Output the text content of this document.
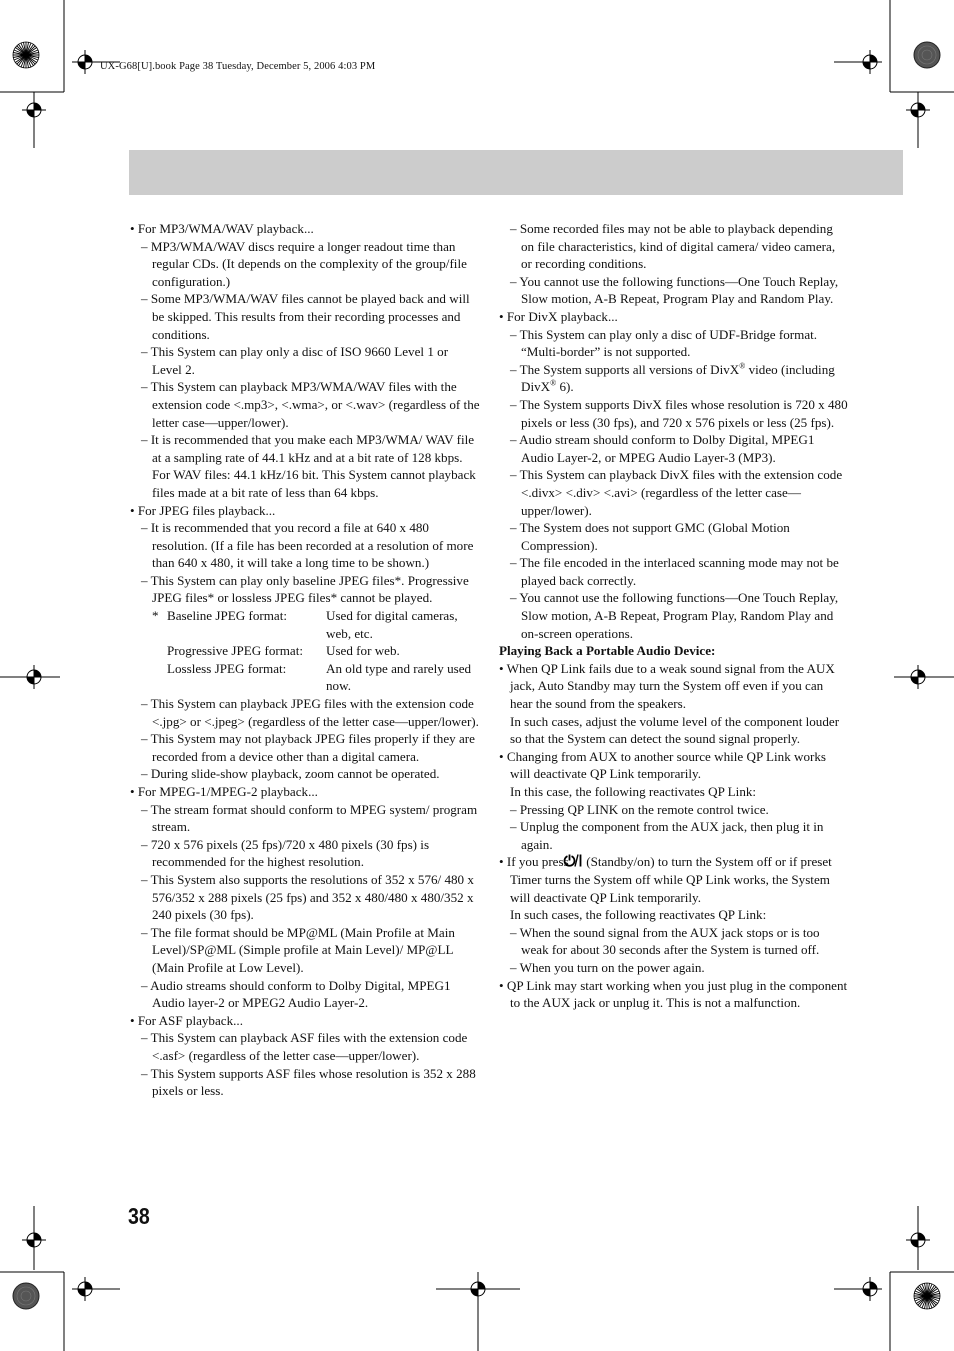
UX-G68[U].book Page 38 Tuesday, December 5, 2006 4:03 PM
• For MP3/WMA/WAV playback...
– MP3/WMA/WAV discs require a longer readout time than regular CDs. (It depends on the complexity of the group/file configuration.)
– Some MP3/WMA/WAV files cannot be played back and will be skipped. This results from their recording processes and conditions.
– This System can play only a disc of ISO 9660 Level 1 or Level 2.
– This System can playback MP3/WMA/WAV files with the extension code <.mp3>, <.wma>, or <.wav> (regardless of the letter case—upper/lower).
– It is recommended that you make each MP3/WMA/ WAV file at a sampling rate of 44.1 kHz and at a bit rate of 128 kbps. For WAV files: 44.1 kHz/16 bit. This System cannot playback files made at a bit rate of less than 64 kbps.
• For JPEG files playback...
– It is recommended that you record a file at 640 x 480 resolution. (If a file has been recorded at a resolution of more than 640 x 480, it will take a long time to be shown.)
– This System can play only baseline JPEG files*. Progressive JPEG files* or lossless JPEG files* cannot be played.
*	Baseline JPEG format:	Used for digital cameras, web, etc.
	Progressive JPEG format:	Used for web.
	Lossless JPEG format:	An old type and rarely used now.
– This System can playback JPEG files with the extension code <.jpg> or <.jpeg> (regardless of the letter case—upper/lower).
– This System may not playback JPEG files properly if they are recorded from a device other than a digital camera.
– During slide-show playback, zoom cannot be operated.
• For MPEG-1/MPEG-2 playback...
– The stream format should conform to MPEG system/ program stream.
– 720 x 576 pixels (25 fps)/720 x 480 pixels (30 fps) is recommended for the highest resolution.
– This System also supports the resolutions of 352 x 576/ 480 x 576/352 x 288 pixels (25 fps) and 352 x 480/480 x 480/352 x 240 pixels (30 fps).
– The file format should be MP@ML (Main Profile at Main Level)/SP@ML (Simple profile at Main Level)/ MP@LL (Main Profile at Low Level).
– Audio streams should conform to Dolby Digital, MPEG1 Audio layer-2 or MPEG2 Audio Layer-2.
• For ASF playback...
– This System can playback ASF files with the extension code <.asf> (regardless of the letter case—upper/lower).
– This System supports ASF files whose resolution is 352 x 288 pixels or less.
– Some recorded files may not be able to playback depending on file characteristics, kind of digital camera/ video camera, or recording conditions.
– You cannot use the following functions—One Touch Replay, Slow motion, A-B Repeat, Program Play and Random Play.
• For DivX playback...
– This System can play only a disc of UDF-Bridge format. “Multi-border” is not supported.
– The System supports all versions of DivX® video (including DivX® 6).
– The System supports DivX files whose resolution is 720 x 480 pixels or less (30 fps), and 720 x 576 pixels or less (25 fps).
– Audio stream should conform to Dolby Digital, MPEG1 Audio Layer-2, or MPEG Audio Layer-3 (MP3).
– This System can playback DivX files with the extension code <.divx> <.div> <.avi> (regardless of the letter case—upper/lower).
– The System does not support GMC (Global Motion Compression).
– The file encoded in the interlaced scanning mode may not be played back correctly.
– You cannot use the following functions—One Touch Replay, Slow motion, A-B Repeat, Program Play, Random Play and on-screen operations.
Playing Back a Portable Audio Device:
• When QP Link fails due to a weak sound signal from the AUX jack, Auto Standby may turn the System off even if you can hear the sound from the speakers.
In such cases, adjust the volume level of the component louder so that the System can detect the sound signal properly.
• Changing from AUX to another source while QP Link works will deactivate QP Link temporarily.
In this case, the following reactivates QP Link:
– Pressing QP LINK on the remote control twice.
– Unplug the component from the AUX jack, then plug it in again.
• If you press  (Standby/on) to turn the System off or if preset Timer turns the System off while QP Link works, the System will deactivate QP Link temporarily.
In such cases, the following reactivates QP Link:
– When the sound signal from the AUX jack stops or is too weak for about 30 seconds after the System is turned off.
– When you turn on the power again.
• QP Link may start working when you just plug in the component to the AUX jack or unplug it. This is not a malfunction.
38
